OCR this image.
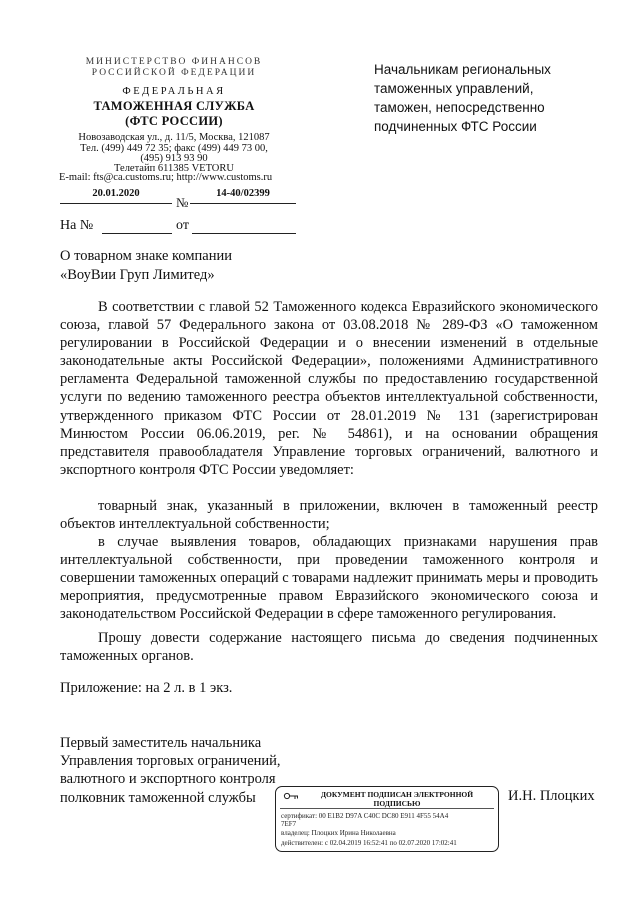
МИНИСТЕРСТВО ФИНАНСОВ
РОССИЙСКОЙ ФЕДЕРАЦИИ
ФЕДЕРАЛЬНАЯ
ТАМОЖЕННАЯ СЛУЖБА
(ФТС РОССИИ)
Новозаводская ул., д. 11/5, Москва, 121087
Тел. (499) 449 72 35; факс (499) 449 73 00,
(495) 913 93 90
Телетайп 611385 VETORU
E-mail: fts@ca.customs.ru; http://www.customs.ru
20.01.2020
№
14-40/02399
На №	от
Начальникам региональных
таможенных управлений,
таможен, непосредственно
подчиненных ФТС России
О товарном знаке компании
«ВоуВии Груп Лимитед»
В соответствии с главой 52 Таможенного кодекса Евразийского экономического союза, главой 57 Федерального закона от 03.08.2018 № 289-ФЗ «О таможенном регулировании в Российской Федерации и о внесении изменений в отдельные законодательные акты Российской Федерации», положениями Административного регламента Федеральной таможенной службы по предоставлению государственной услуги по ведению таможенного реестра объектов интеллектуальной собственности, утвержденного приказом ФТС России от 28.01.2019 № 131 (зарегистрирован Минюстом России 06.06.2019, рег. № 54861), и на основании обращения представителя правообладателя Управление торговых ограничений, валютного и экспортного контроля ФТС России уведомляет:
товарный знак, указанный в приложении, включен в таможенный реестр объектов интеллектуальной собственности;
в случае выявления товаров, обладающих признаками нарушения прав интеллектуальной собственности, при проведении таможенного контроля и совершении таможенных операций с товарами надлежит принимать меры и проводить мероприятия, предусмотренные правом Евразийского экономического союза и законодательством Российской Федерации в сфере таможенного регулирования.
Прошу довести содержание настоящего письма до сведения подчиненных таможенных органов.
Приложение: на 2 л. в 1 экз.
Первый заместитель начальника
Управления торговых ограничений,
валютного и экспортного контроля
полковник таможенной службы	ДОКУМЕНТ ПОДПИСАН ЭЛЕКТРОННОЙ ПОДПИСЬЮ
сертификат: 00 E1B2 D97A C40C DC80 E911 4F55 54A4
7EF7
владелец: Плоцких Ирина Николаевна
действителен: с 02.04.2019 16:52:41 по 02.07.2020 17:02:41
И.Н. Плоцких
